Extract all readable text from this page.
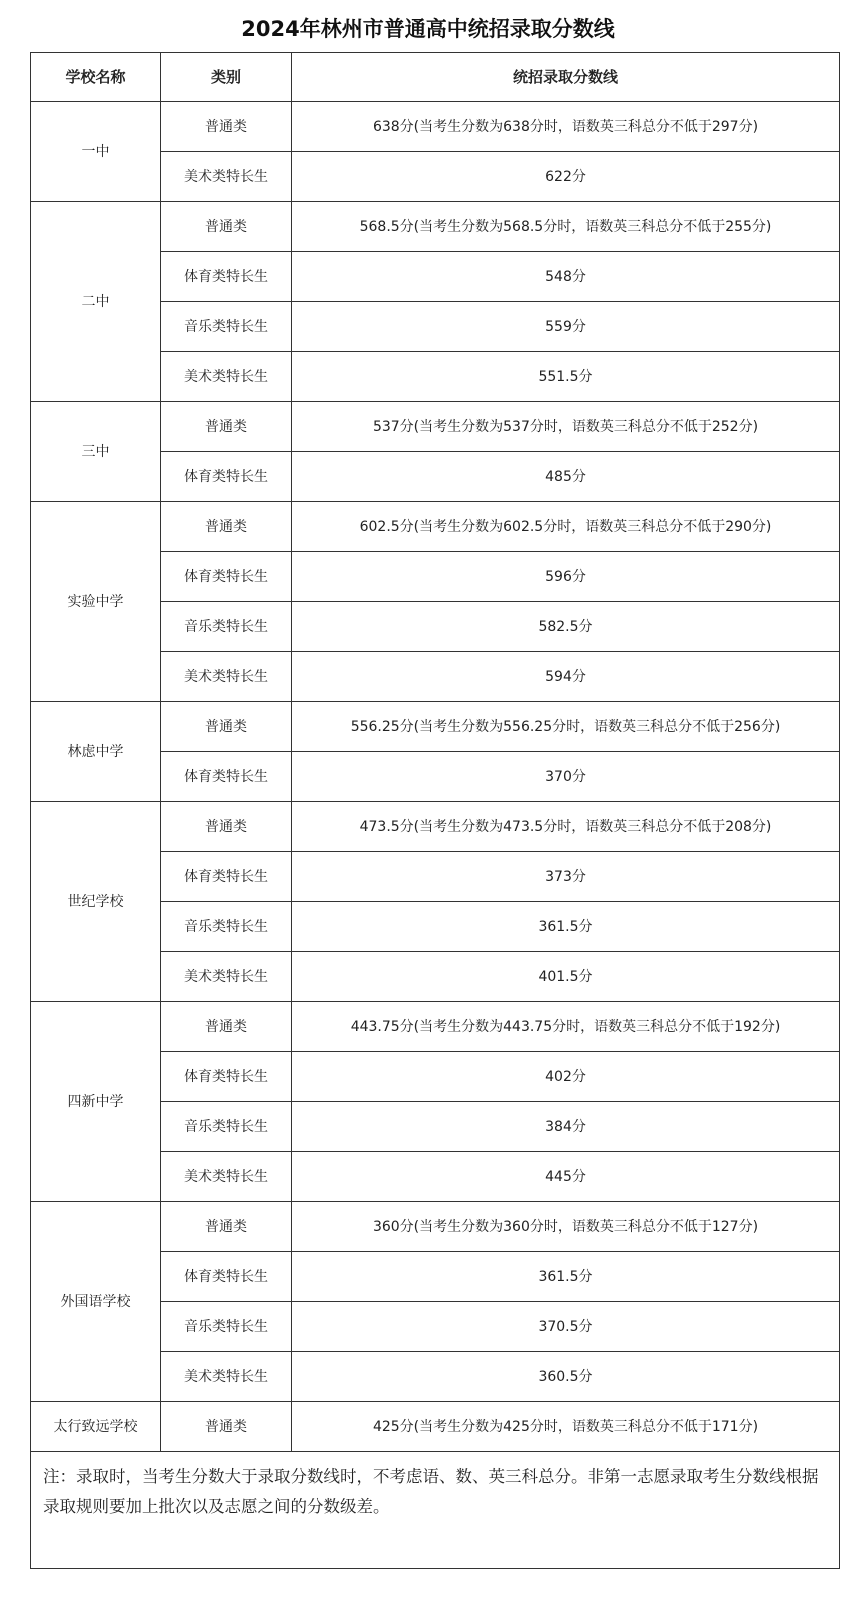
2024年林州市普通高中统招录取分数线
学校名称	类别	统招录取分数线
一中	普通类	638分(当考生分数为638分时，语数英三科总分不低于297分)
	美术类特长生	622分
二中	普通类	568.5分(当考生分数为568.5分时，语数英三科总分不低于255分)
	体育类特长生	548分
	音乐类特长生	559分
	美术类特长生	551.5分
三中	普通类	537分(当考生分数为537分时，语数英三科总分不低于252分)
	体育类特长生	485分
实验中学	普通类	602.5分(当考生分数为602.5分时，语数英三科总分不低于290分)
	体育类特长生	596分
	音乐类特长生	582.5分
	美术类特长生	594分
林虑中学	普通类	556.25分(当考生分数为556.25分时，语数英三科总分不低于256分)
	体育类特长生	370分
世纪学校	普通类	473.5分(当考生分数为473.5分时，语数英三科总分不低于208分)
	体育类特长生	373分
	音乐类特长生	361.5分
	美术类特长生	401.5分
四新中学	普通类	443.75分(当考生分数为443.75分时，语数英三科总分不低于192分)
	体育类特长生	402分
	音乐类特长生	384分
	美术类特长生	445分
外国语学校	普通类	360分(当考生分数为360分时，语数英三科总分不低于127分)
	体育类特长生	361.5分
	音乐类特长生	370.5分
	美术类特长生	360.5分
太行致远学校	普通类	425分(当考生分数为425分时，语数英三科总分不低于171分)
注：录取时，当考生分数大于录取分数线时，不考虑语、数、英三科总分。非第一志愿录取考生分数线根据录取规则要加上批次以及志愿之间的分数级差。		
